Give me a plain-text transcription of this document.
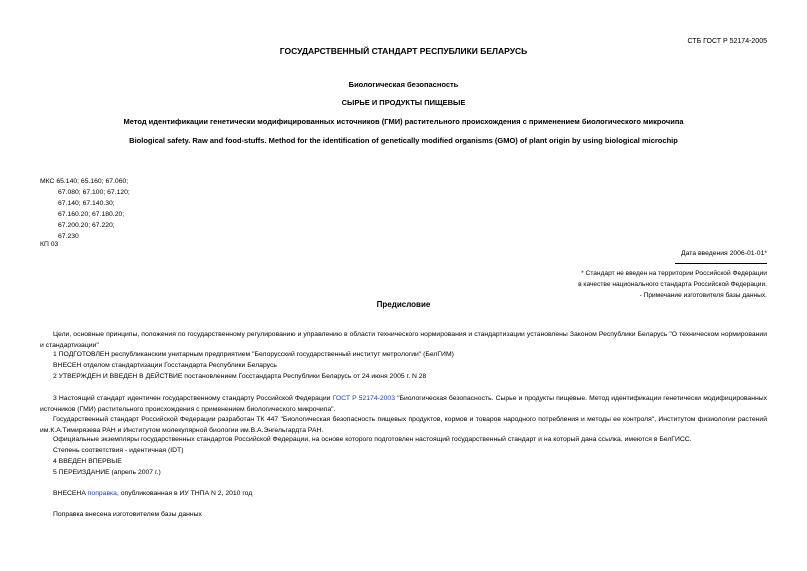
СТБ ГОСТ Р 52174-2005
ГОСУДАРСТВЕННЫЙ СТАНДАРТ РЕСПУБЛИКИ БЕЛАРУСЬ
Биологическая безопасность
СЫРЬЕ И ПРОДУКТЫ ПИЩЕВЫЕ
Метод идентификации генетически модифицированных источников (ГМИ) растительного происхождения с применением биологического микрочипа
Biological safety. Raw and food-stuffs. Method for the identification of genetically modified organisms (GMO) of plant origin by using biological microchip
МКС 65.140; 65.160; 67.060;
67.080; 67.100; 67.120;
67.140; 67.140.30;
67.160.20; 67.180.20;
67.200.20; 67.220;
67.230
КП 03
Дата введения 2006-01-01*
* Стандарт не введен на территории Российской Федерации
в качестве национального стандарта Российской Федерации.
- Примечание изготовителя базы данных.
Предисловие
Цели, основные принципы, положения по государственному регулированию и управлению в области технического нормирования и стандартизации установлены Законом Республики Беларусь "О техническом нормировании и стандартизации"
1 ПОДГОТОВЛЕН республиканским унитарным предприятием "Белорусский государственный институт метрологии" (БелГИМ)
ВНЕСЕН отделом стандартизации Госстандарта Республики Беларусь
2 УТВЕРЖДЕН И ВВЕДЕН В ДЕЙСТВИЕ постановлением Госстандарта Республики Беларусь от 24 июня 2005 г. N 28
3 Настоящий стандарт идентичен государственному стандарту Российской Федерации ГОСТ Р 52174-2003 "Биологическая безопасность. Сырье и продукты пищевые. Метод идентификации генетически модифицированных источников (ГМИ) растительного происхождения с применением биологического микрочипа".
Государственный стандарт Российской Федерации разработан ТК 447 "Биологическая безопасность пищевых продуктов, кормов и товаров народного потребления и методы ее контроля", Институтом физиологии растений им.К.А.Тимирязева РАН и Институтом молекулярной биологии им.В.А.Энгельгардта РАН.
Официальные экземпляры государственных стандартов Российской Федерации, на основе которого подготовлен настоящий государственный стандарт и на который дана ссылка, имеются в БелГИСС.
Степень соответствия - идентичная (IDT)
4 ВВЕДЕН ВПЕРВЫЕ
5 ПЕРЕИЗДАНИЕ (апрель 2007 г.)
ВНЕСЕНА поправка, опубликованная в ИУ ТНПА N 2, 2010 год
Поправка внесена изготовителем базы данных
